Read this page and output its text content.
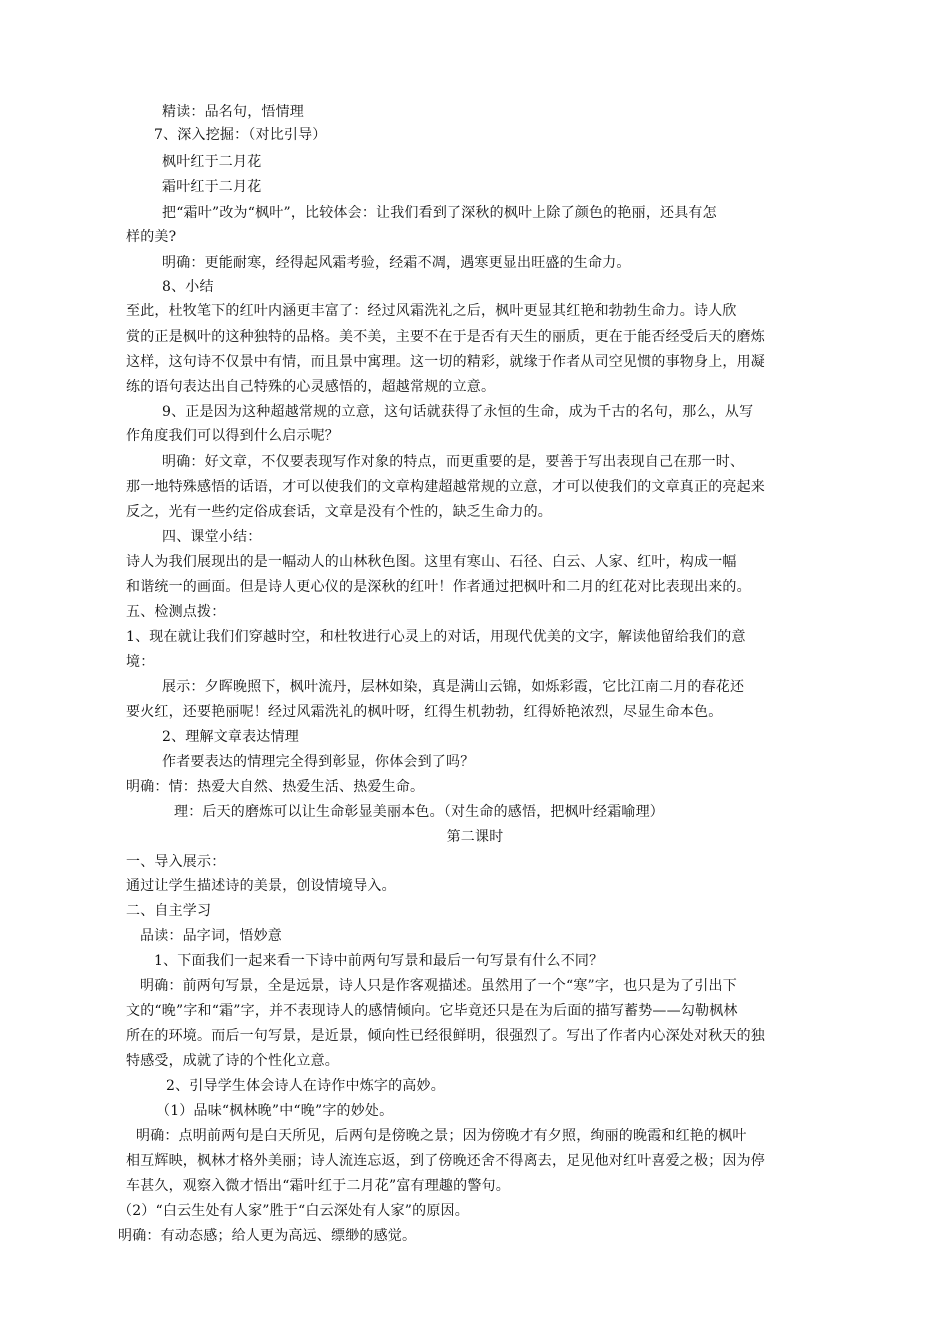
精读：品名句，悟情理
7、深入挖掘：（对比引导）
枫叶红于二月花
霜叶红于二月花
把“霜叶”改为“枫叶”，比较体会：让我们看到了深秋的枫叶上除了颜色的艳丽，还具有怎
样的美?
明确：更能耐寒，经得起风霜考验，经霜不凋，遇寒更显出旺盛的生命力。
8、小结
至此，杜牧笔下的红叶内涵更丰富了：经过风霜洗礼之后，枫叶更显其红艳和勃勃生命力。诗人欣
赏的正是枫叶的这种独特的品格。美不美，主要不在于是否有天生的丽质，更在于能否经受后天的磨炼
这样，这句诗不仅景中有情，而且景中寓理。这一切的精彩，就缘于作者从司空见惯的事物身上，用凝
练的语句表达出自己特殊的心灵感悟的，超越常规的立意。
9、正是因为这种超越常规的立意，这句话就获得了永恒的生命，成为千古的名句，那么，从写
作角度我们可以得到什么启示呢？
明确：好文章，不仅要表现写作对象的特点，而更重要的是，要善于写出表现自己在那一时、
那一地特殊感悟的话语，才可以使我们的文章构建超越常规的立意，才可以使我们的文章真正的亮起来
反之，光有一些约定俗成套话，文章是没有个性的，缺乏生命力的。
四、课堂小结：
诗人为我们展现出的是一幅动人的山林秋色图。这里有寒山、石径、白云、人家、红叶，构成一幅
和谐统一的画面。但是诗人更心仪的是深秋的红叶！作者通过把枫叶和二月的红花对比表现出来的。
五、检测点拨：
1、现在就让我们们穿越时空，和杜牧进行心灵上的对话，用现代优美的文字，解读他留给我们的意
境：
展示：夕晖晚照下，枫叶流丹，层林如染，真是满山云锦，如烁彩霞，它比江南二月的春花还
要火红，还要艳丽呢！经过风霜洗礼的枫叶呀，红得生机勃勃，红得娇艳浓烈，尽显生命本色。
2、理解文章表达情理
作者要表达的情理完全得到彰显，你体会到了吗？
明确：情：热爱大自然、热爱生活、热爱生命。
理：后天的磨炼可以让生命彰显美丽本色。（对生命的感悟，把枫叶经霜喻理）
第二课时
一、导入展示：
通过让学生描述诗的美景，创设情境导入。
二、自主学习
品读：品字词，悟妙意
1、下面我们一起来看一下诗中前两句写景和最后一句写景有什么不同？
明确：前两句写景，全是远景，诗人只是作客观描述。虽然用了一个“寒”字，也只是为了引出下
文的“晚”字和“霜”字，并不表现诗人的感情倾向。它毕竟还只是在为后面的描写蓄势——勾勒枫林
所在的环境。而后一句写景，是近景，倾向性已经很鲜明，很强烈了。写出了作者内心深处对秋天的独
特感受，成就了诗的个性化立意。
2、引导学生体会诗人在诗作中炼字的高妙。
（1）品味“枫林晚”中“晚”字的妙处。
明确：点明前两句是白天所见，后两句是傍晚之景；因为傍晚才有夕照，绚丽的晚霞和红艳的枫叶
相互辉映，枫林才格外美丽；诗人流连忘返，到了傍晚还舍不得离去，足见他对红叶喜爱之极；因为停
车甚久，观察入微才悟出“霜叶红于二月花”富有理趣的警句。
（2）“白云生处有人家”胜于“白云深处有人家”的原因。
明确：有动态感；给人更为高远、缥缈的感觉。
